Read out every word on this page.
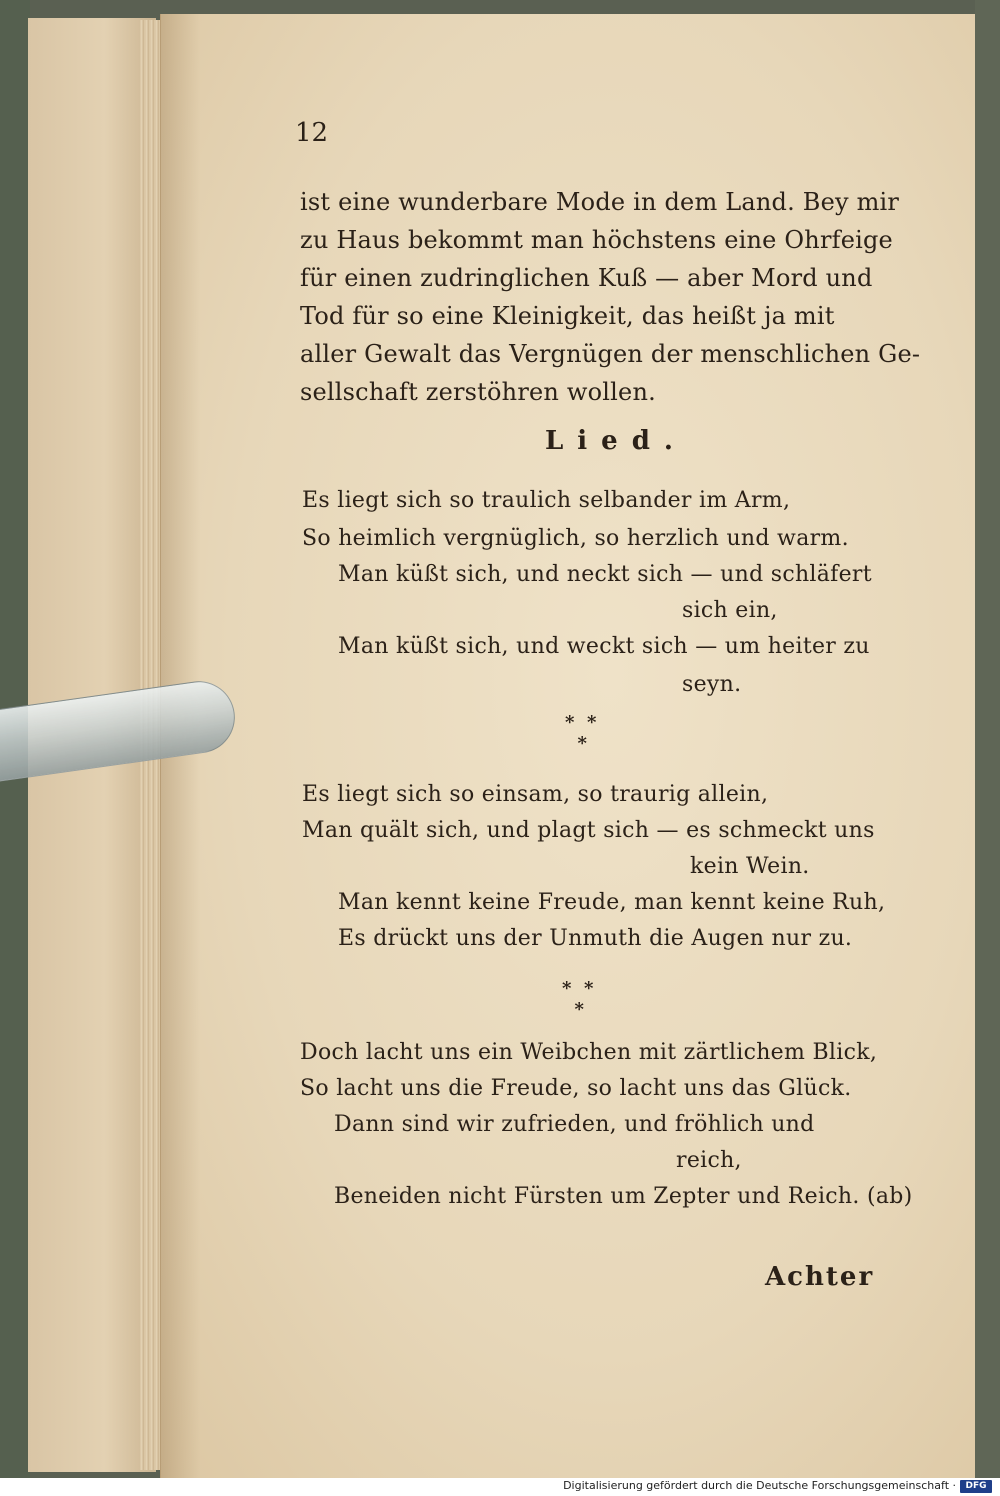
12
ist eine wunderbare Mode in dem Land. Bey mir
zu Haus bekommt man höchstens eine Ohrfeige
für einen zudringlichen Kuß — aber Mord und
Tod für so eine Kleinigkeit, das heißt ja mit
aller Gewalt das Vergnügen der menschlichen Ge-
sellschaft zerstöhren wollen.
Lied.
Es liegt sich so traulich selbander im Arm,
So heimlich vergnüglich, so herzlich und warm.
Man küßt sich, und neckt sich — und schläfert
sich ein,
Man küßt sich, und weckt sich — um heiter zu
seyn.
*  *
*
Es liegt sich so einsam, so traurig allein,
Man quält sich, und plagt sich — es schmeckt uns
kein Wein.
Man kennt keine Freude, man kennt keine Ruh,
Es drückt uns der Unmuth die Augen nur zu.
*  *
*
Doch lacht uns ein Weibchen mit zärtlichem Blick,
So lacht uns die Freude, so lacht uns das Glück.
Dann sind wir zufrieden, und fröhlich und
reich,
Beneiden nicht Fürsten um Zepter und Reich. (ab)
Achter
Digitalisierung gefördert durch die Deutsche Forschungsgemeinschaft ·	DFG
